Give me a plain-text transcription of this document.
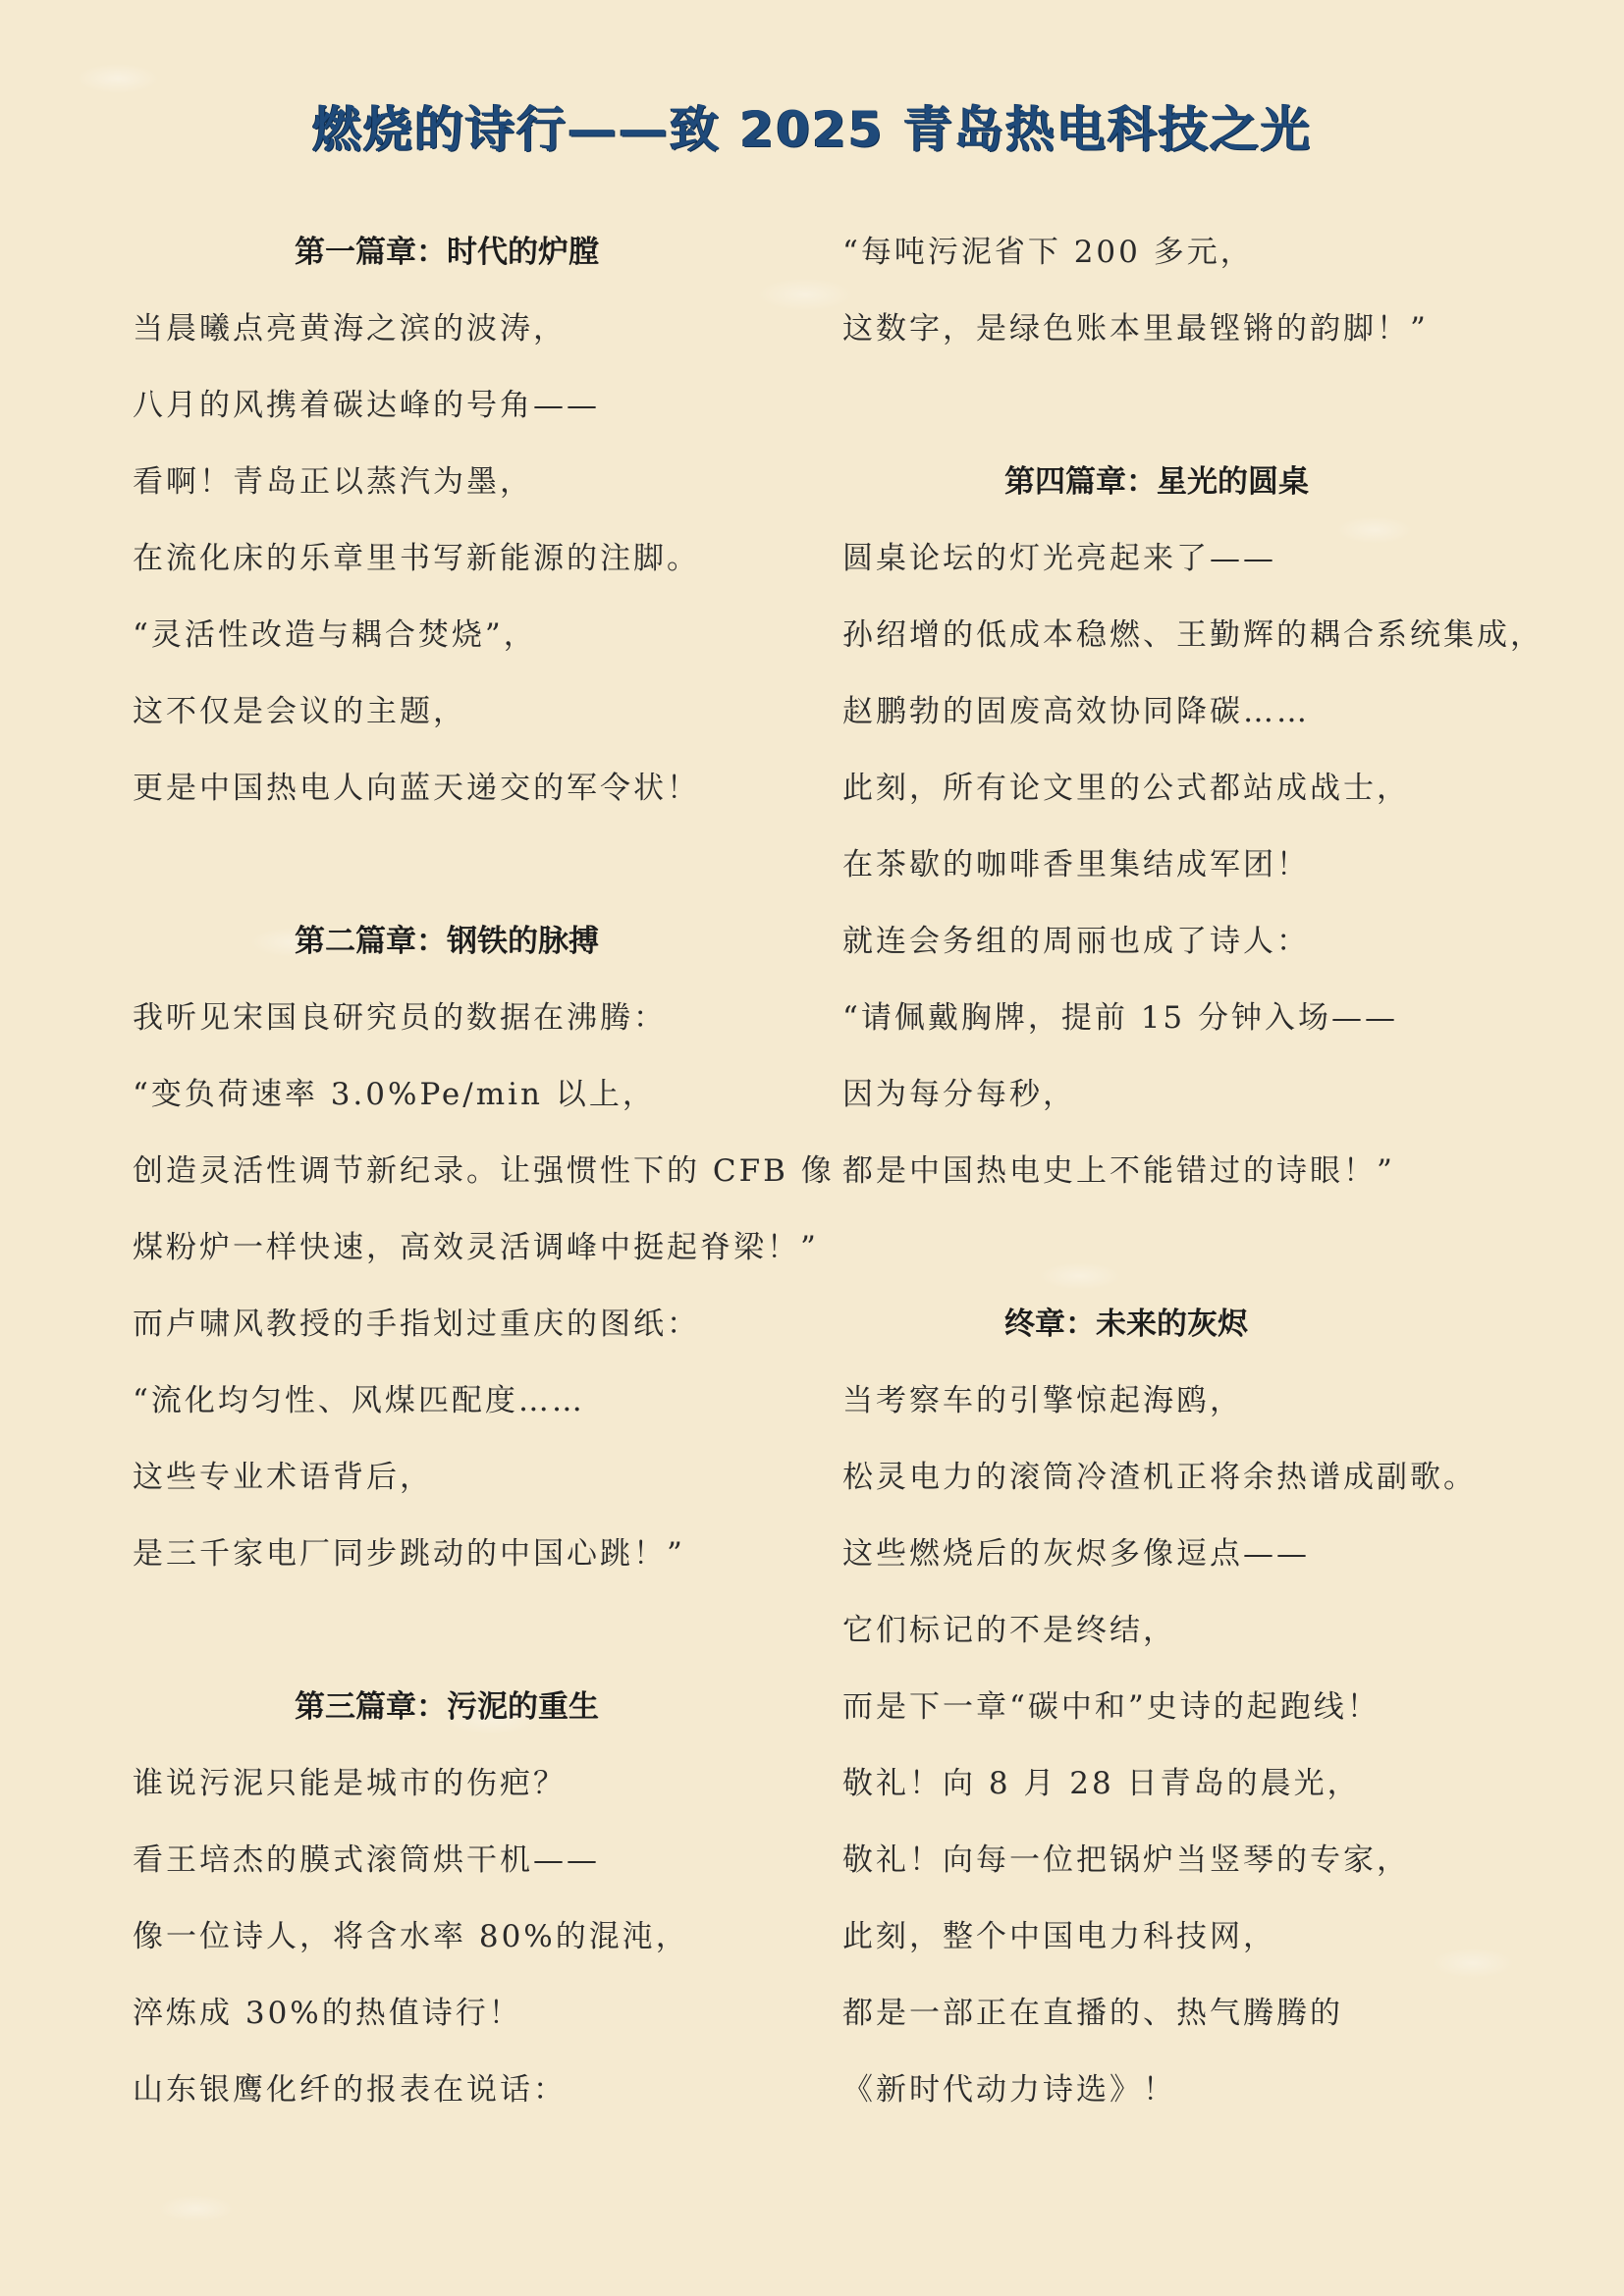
燃烧的诗行——致 2025 青岛热电科技之光
第一篇章：时代的炉膛
当晨曦点亮黄海之滨的波涛，
八月的风携着碳达峰的号角——
看啊！青岛正以蒸汽为墨，
在流化床的乐章里书写新能源的注脚。
“灵活性改造与耦合焚烧”，
这不仅是会议的主题，
更是中国热电人向蓝天递交的军令状！
第二篇章：钢铁的脉搏
我听见宋国良研究员的数据在沸腾：
“变负荷速率 3.0%Pe/min 以上，
创造灵活性调节新纪录。让强惯性下的 CFB 像
煤粉炉一样快速，高效灵活调峰中挺起脊梁！”
而卢啸风教授的手指划过重庆的图纸：
“流化均匀性、风煤匹配度……
这些专业术语背后，
是三千家电厂同步跳动的中国心跳！”
第三篇章：污泥的重生
谁说污泥只能是城市的伤疤？
看王培杰的膜式滚筒烘干机——
像一位诗人，将含水率 80%的混沌，
淬炼成 30%的热值诗行！
山东银鹰化纤的报表在说话：
“每吨污泥省下 200 多元，
这数字，是绿色账本里最铿锵的韵脚！”
第四篇章：星光的圆桌
圆桌论坛的灯光亮起来了——
孙绍增的低成本稳燃、王勤辉的耦合系统集成，
赵鹏勃的固废高效协同降碳……
此刻，所有论文里的公式都站成战士，
在茶歇的咖啡香里集结成军团！
就连会务组的周丽也成了诗人：
“请佩戴胸牌，提前 15 分钟入场——
因为每分每秒，
都是中国热电史上不能错过的诗眼！”
终章：未来的灰烬
当考察车的引擎惊起海鸥，
松灵电力的滚筒冷渣机正将余热谱成副歌。
这些燃烧后的灰烬多像逗点——
它们标记的不是终结，
而是下一章“碳中和”史诗的起跑线！
敬礼！向 8 月 28 日青岛的晨光，
敬礼！向每一位把锅炉当竖琴的专家，
此刻，整个中国电力科技网，
都是一部正在直播的、热气腾腾的
《新时代动力诗选》！
